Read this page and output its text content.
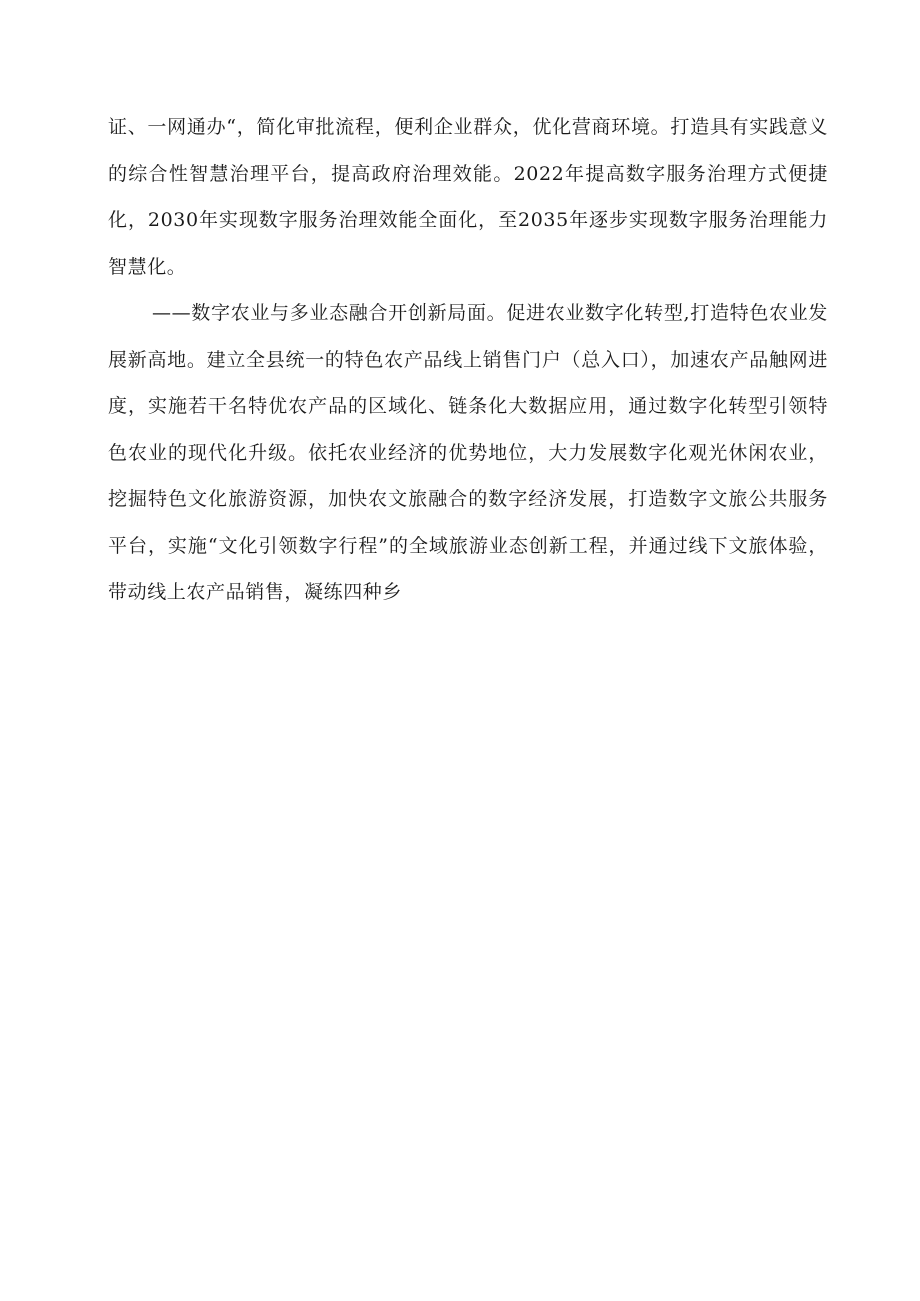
证、一网通办“，简化审批流程，便利企业群众，优化营商环境。打造具有实践意义的综合性智慧治理平台，提高政府治理效能。2022年提高数字服务治理方式便捷化，2030年实现数字服务治理效能全面化，至2035年逐步实现数字服务治理能力智慧化。

——数字农业与多业态融合开创新局面。促进农业数字化转型,打造特色农业发展新高地。建立全县统一的特色农产品线上销售门户（总入口），加速农产品触网进度，实施若干名特优农产品的区域化、链条化大数据应用，通过数字化转型引领特色农业的现代化升级。依托农业经济的优势地位，大力发展数字化观光休闲农业，挖掘特色文化旅游资源，加快农文旅融合的数字经济发展，打造数字文旅公共服务平台，实施“文化引领数字行程”的全域旅游业态创新工程，并通过线下文旅体验，带动线上农产品销售，凝练四种乡
